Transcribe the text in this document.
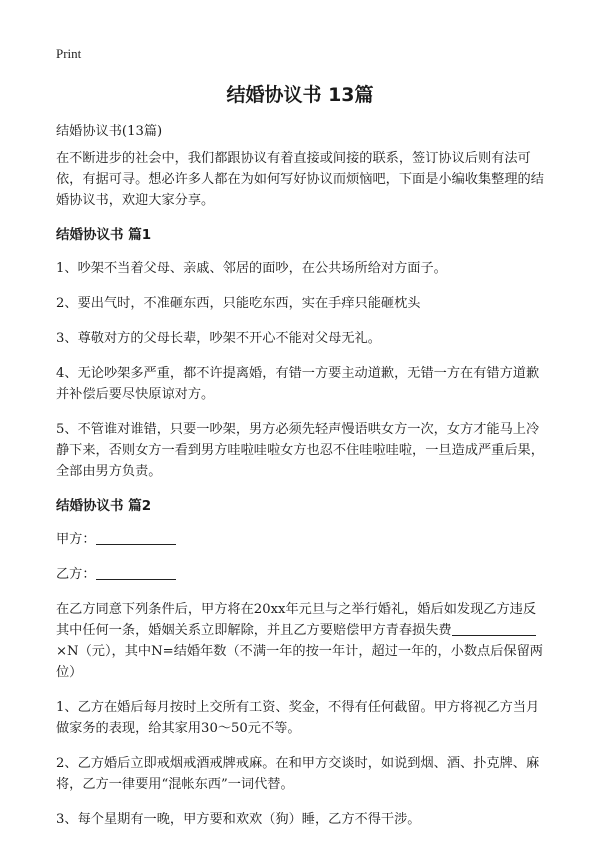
Print
结婚协议书 13篇

结婚协议书(13篇)

在不断进步的社会中，我们都跟协议有着直接或间接的联系，签订协议后则有法可依，有据可寻。想必许多人都在为如何写好协议而烦恼吧，下面是小编收集整理的结婚协议书，欢迎大家分享。

结婚协议书 篇1

1、吵架不当着父母、亲戚、邻居的面吵，在公共场所给对方面子。

2、要出气时，不准砸东西，只能吃东西，实在手痒只能砸枕头

3、尊敬对方的父母长辈，吵架不开心不能对父母无礼。

4、无论吵架多严重，都不许提离婚，有错一方要主动道歉，无错一方在有错方道歉并补偿后要尽快原谅对方。

5、不管谁对谁错，只要一吵架，男方必须先轻声慢语哄女方一次，女方才能马上冷静下来，否则女方一看到男方哇啦哇啦女方也忍不住哇啦哇啦，一旦造成严重后果，全部由男方负责。

结婚协议书 篇2

甲方：

乙方：

在乙方同意下列条件后，甲方将在20xx年元旦与之举行婚礼，婚后如发现乙方违反其中任何一条，婚姻关系立即解除，并且乙方要赔偿甲方青春损失费×N（元），其中N=结婚年数（不满一年的按一年计，超过一年的，小数点后保留两位）

1、乙方在婚后每月按时上交所有工资、奖金，不得有任何截留。甲方将视乙方当月做家务的表现，给其家用30～50元不等。

2、乙方婚后立即戒烟戒酒戒牌戒麻。在和甲方交谈时，如说到烟、酒、扑克牌、麻将，乙方一律要用“混帐东西”一词代替。

3、每个星期有一晚，甲方要和欢欢（狗）睡，乙方不得干涉。
